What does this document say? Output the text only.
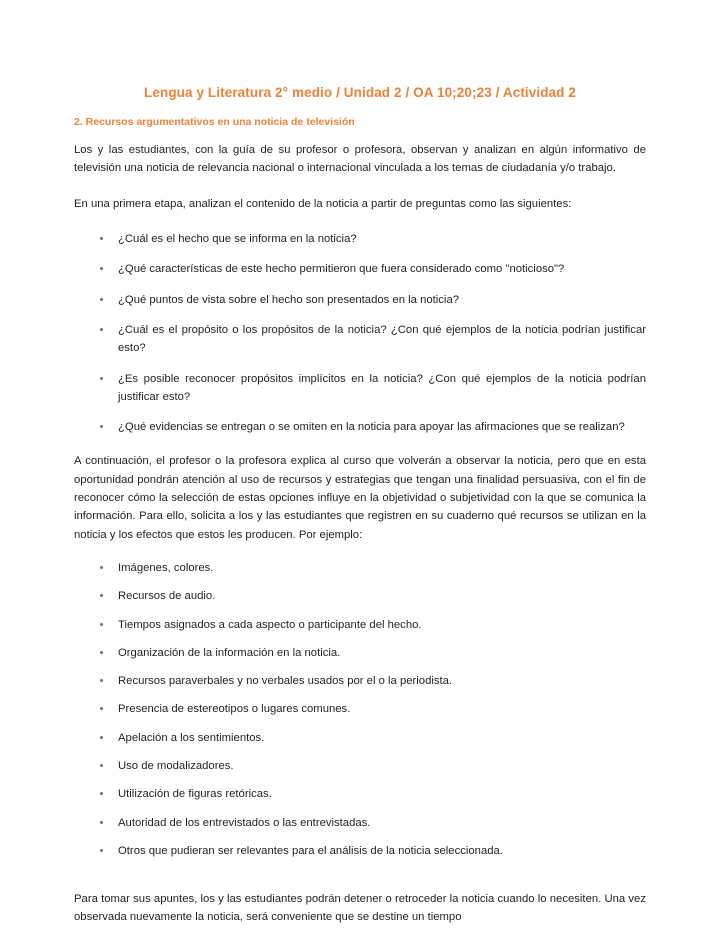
Lengua y Literatura 2° medio / Unidad 2 / OA 10;20;23 / Actividad 2
2. Recursos argumentativos en una noticia de televisión

Los y las estudiantes, con la guía de su profesor o profesora, observan y analizan en algún informativo de televisión una noticia de relevancia nacional o internacional vinculada a los temas de ciudadanía y/o trabajo.

En una primera etapa, analizan el contenido de la noticia a partir de preguntas como las siguientes:

¿Cuál es el hecho que se informa en la noticia?
¿Qué características de este hecho permitieron que fuera considerado como "noticioso"?
¿Qué puntos de vista sobre el hecho son presentados en la noticia?
¿Cuál es el propósito o los propósitos de la noticia? ¿Con qué ejemplos de la noticia podrían justificar esto?
¿Es posible reconocer propósitos implícitos en la noticia? ¿Con qué ejemplos de la noticia podrían justificar esto?
¿Qué evidencias se entregan o se omiten en la noticia para apoyar las afirmaciones que se realizan?

A continuación, el profesor o la profesora explica al curso que volverán a observar la noticia, pero que en esta oportunidad pondrán atención al uso de recursos y estrategias que tengan una finalidad persuasiva, con el fin de reconocer cómo la selección de estas opciones influye en la objetividad o subjetividad con la que se comunica la información. Para ello, solicita a los y las estudiantes que registren en su cuaderno qué recursos se utilizan en la noticia y los efectos que estos les producen. Por ejemplo:

Imágenes, colores.
Recursos de audio.
Tiempos asignados a cada aspecto o participante del hecho.
Organización de la información en la noticia.
Recursos paraverbales y no verbales usados por el o la periodista.
Presencia de estereotipos o lugares comunes.
Apelación a los sentimientos.
Uso de modalizadores.
Utilización de figuras retóricas.
Autoridad de los entrevistados o las entrevistadas.
Otros que pudieran ser relevantes para el análisis de la noticia seleccionada.

Para tomar sus apuntes, los y las estudiantes podrán detener o retroceder la noticia cuando lo necesiten. Una vez observada nuevamente la noticia, será conveniente que se destine un tiempo
